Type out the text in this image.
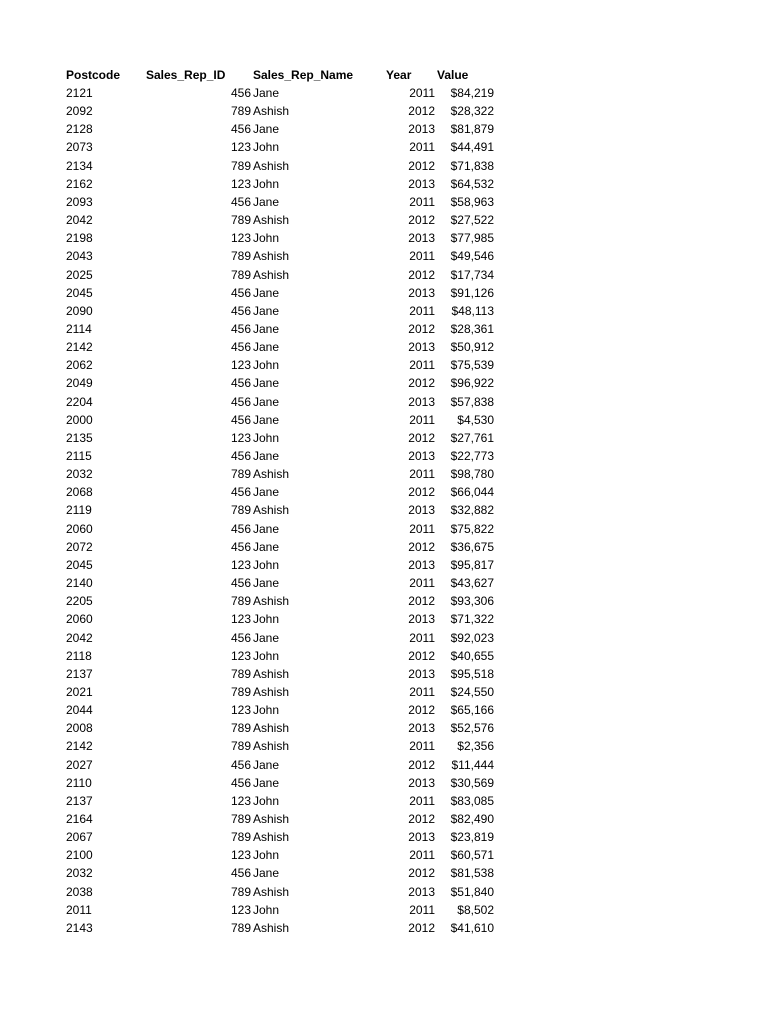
Postcode Sales_Rep_ID	Sales_Rep_Name	Year	Value
2121	456 Jane	2011	$84,219
2092	789 Ashish	2012	$28,322
2128	456 Jane	2013	$81,879
2073	123 John	2011	$44,491
2134	789 Ashish	2012	$71,838
2162	123 John	2013	$64,532
2093	456 Jane	2011	$58,963
2042	789 Ashish	2012	$27,522
2198	123 John	2013	$77,985
2043	789 Ashish	2011	$49,546
2025	789 Ashish	2012	$17,734
2045	456 Jane	2013	$91,126
2090	456 Jane	2011	$48,113
2114	456 Jane	2012	$28,361
2142	456 Jane	2013	$50,912
2062	123 John	2011	$75,539
2049	456 Jane	2012	$96,922
2204	456 Jane	2013	$57,838
2000	456 Jane	2011	$4,530
2135	123 John	2012	$27,761
2115	456 Jane	2013	$22,773
2032	789 Ashish	2011	$98,780
2068	456 Jane	2012	$66,044
2119	789 Ashish	2013	$32,882
2060	456 Jane	2011	$75,822
2072	456 Jane	2012	$36,675
2045	123 John	2013	$95,817
2140	456 Jane	2011	$43,627
2205	789 Ashish	2012	$93,306
2060	123 John	2013	$71,322
2042	456 Jane	2011	$92,023
2118	123 John	2012	$40,655
2137	789 Ashish	2013	$95,518
2021	789 Ashish	2011	$24,550
2044	123 John	2012	$65,166
2008	789 Ashish	2013	$52,576
2142	789 Ashish	2011	$2,356
2027	456 Jane	2012	$11,444
2110	456 Jane	2013	$30,569
2137	123 John	2011	$83,085
2164	789 Ashish	2012	$82,490
2067	789 Ashish	2013	$23,819
2100	123 John	2011	$60,571
2032	456 Jane	2012	$81,538
2038	789 Ashish	2013	$51,840
2011	123 John	2011	$8,502
2143	789 Ashish	2012	$41,610
